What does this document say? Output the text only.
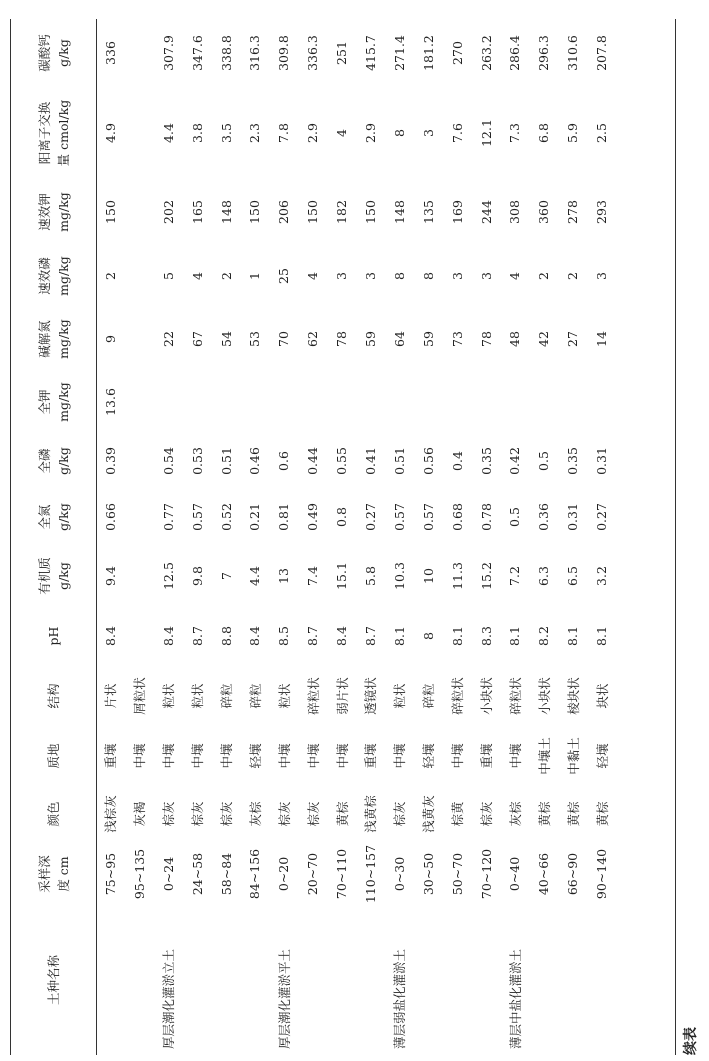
土种名称	采样深 度 cm	颜色	质地	结构	pH	有机质 g/kg	全氮 g/kg	全磷 g/kg	全钾 mg/kg	碱解氮 mg/kg	速效磷 mg/kg	速效钾 mg/kg	阳离子交换 量 cmol/kg	碳酸钙 g/kg

	75~95	浅棕灰	重壤	片状	8.4	9.4	0.66	0.39	13.6	9	2	150	4.9	336
	95~135	灰褐	中壤	屑粒状										
厚层潮化灌淤立土	0~24	棕灰	中壤	粒状	8.4	12.5	0.77	0.54		22	5	202	4.4	307.9
	24~58	棕灰	中壤	粒状	8.7	9.8	0.57	0.53		67	4	165	3.8	347.6
	58~84	棕灰	中壤	碎粒	8.8	7	0.52	0.51		54	2	148	3.5	338.8
	84~156	灰棕	轻壤	碎粒	8.4	4.4	0.21	0.46		53	1	150	2.3	316.3
厚层潮化灌淤平土	0~20	棕灰	中壤	粒状	8.5	13	0.81	0.6		70	25	206	7.8	309.8
	20~70	棕灰	中壤	碎粒状	8.7	7.4	0.49	0.44		62	4	150	2.9	336.3
	70~110	黄棕	中壤	弱片状	8.4	15.1	0.8	0.55		78	3	182	4	251
	110~157	浅黄棕	重壤	透镜状	8.7	5.8	0.27	0.41		59	3	150	2.9	415.7
薄层弱盐化灌淤土	0~30	棕灰	中壤	粒状	8.1	10.3	0.57	0.51		64	8	148	8	271.4
	30~50	浅黄灰	轻壤	碎粒	8	10	0.57	0.56		59	8	135	3	181.2
	50~70	棕黄	中壤	碎粒状	8.1	11.3	0.68	0.4		73	3	169	7.6	270
	70~120	棕灰	重壤	小块状	8.3	15.2	0.78	0.35		78	3	244	12.1	263.2
薄层中盐化灌淤土	0~40	灰棕	中壤	碎粒状	8.1	7.2	0.5	0.42		48	4	308	7.3	286.4
	40~66	黄棕	中壤土	小块状	8.2	6.3	0.36	0.5		42	2	360	6.8	296.3
	66~90	黄棕	中黏土	棱块状	8.1	6.5	0.31	0.35		27	2	278	5.9	310.6
	90~140	黄棕	轻壤	块状	8.1	3.2	0.27	0.31		14	3	293	2.5	207.8
续表
